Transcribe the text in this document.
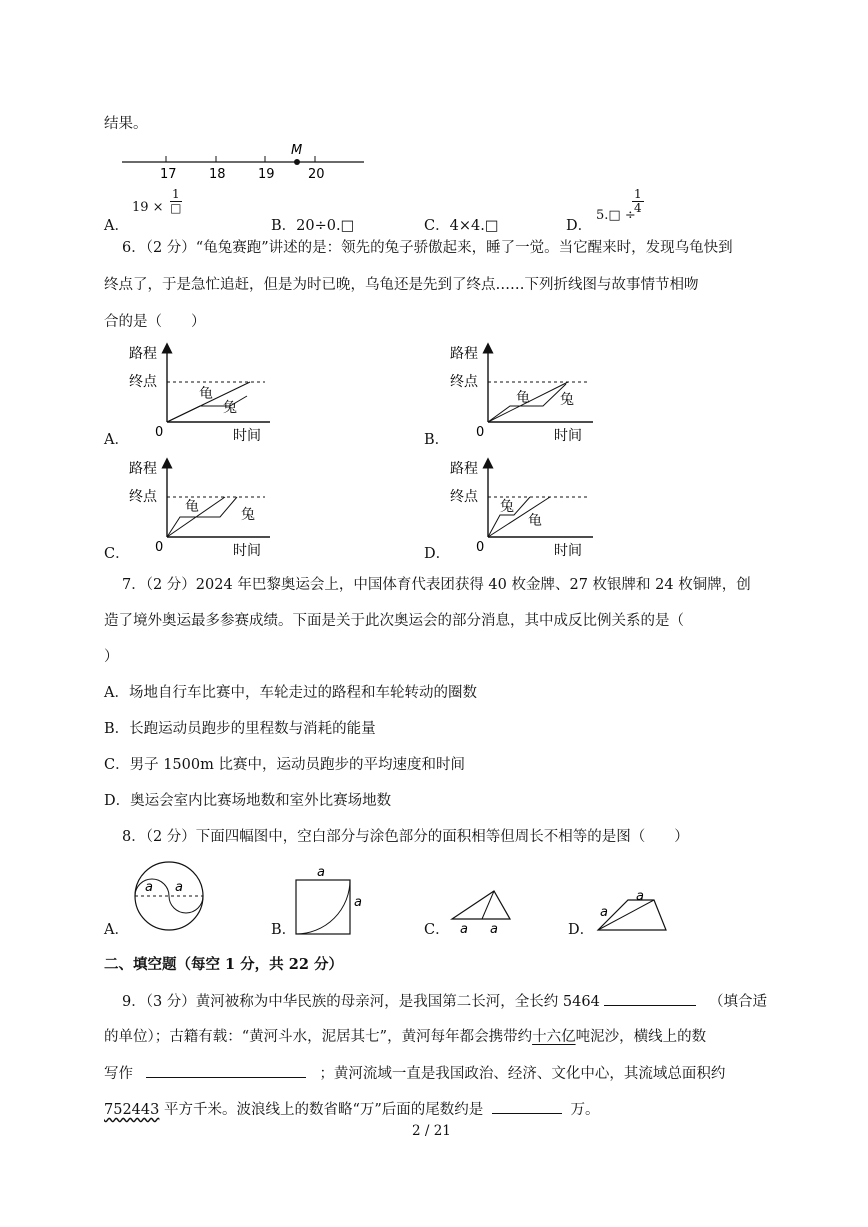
结果。
17 18 19	20
M
A．
19 ×
1
□
B．20÷0.□	C．4×4.□	D．
5.□ ÷
$\frac{1}{4}$
6．（2 分）“龟兔赛跑”讲述的是：领先的兔子骄傲起来，睡了一觉。当它醒来时，发现乌龟快到
终点了，于是急忙追赶，但是为时已晚，乌龟还是先到了终点……下列折线图与故事情节相吻
合的是（　　）
A．
路程
终点
0	时间
龟
兔
B．
路程
终点
0	时间
龟 兔
C．
路程
终点
0	时间
龟	兔
D．
路程
终点
0	时间
兔
龟
7．（2 分）2024 年巴黎奥运会上，中国体育代表团获得 40 枚金牌、27 枚银牌和 24 枚铜牌，创
造了境外奥运最多参赛成绩。下面是关于此次奥运会的部分消息，其中成反比例关系的是（
）
A．场地自行车比赛中，车轮走过的路程和车轮转动的圈数
B．长跑运动员跑步的里程数与消耗的能量
C．男子 1500m 比赛中，运动员跑步的平均速度和时间
D．奥运会室内比赛场地数和室外比赛场地数
8．（2 分）下面四幅图中，空白部分与涂色部分的面积相等但周长不相等的是图（　　）
A．
a a
B．
a
a
C． a a	D．
a
a
二、填空题（每空 1 分，共 22 分）
9．（3 分）黄河被称为中华民族的母亲河，是我国第二长河，全长约 5464	（填合适
的单位）；古籍有载：“黄河斗水，泥居其七”，黄河每年都会携带约十六亿吨泥沙，横线上的数
写作	；黄河流域一直是我国政治、经济、文化中心，其流域总面积约
752443 平方千米。波浪线上的数省略“万”后面的尾数约是	万。
2 / 21
